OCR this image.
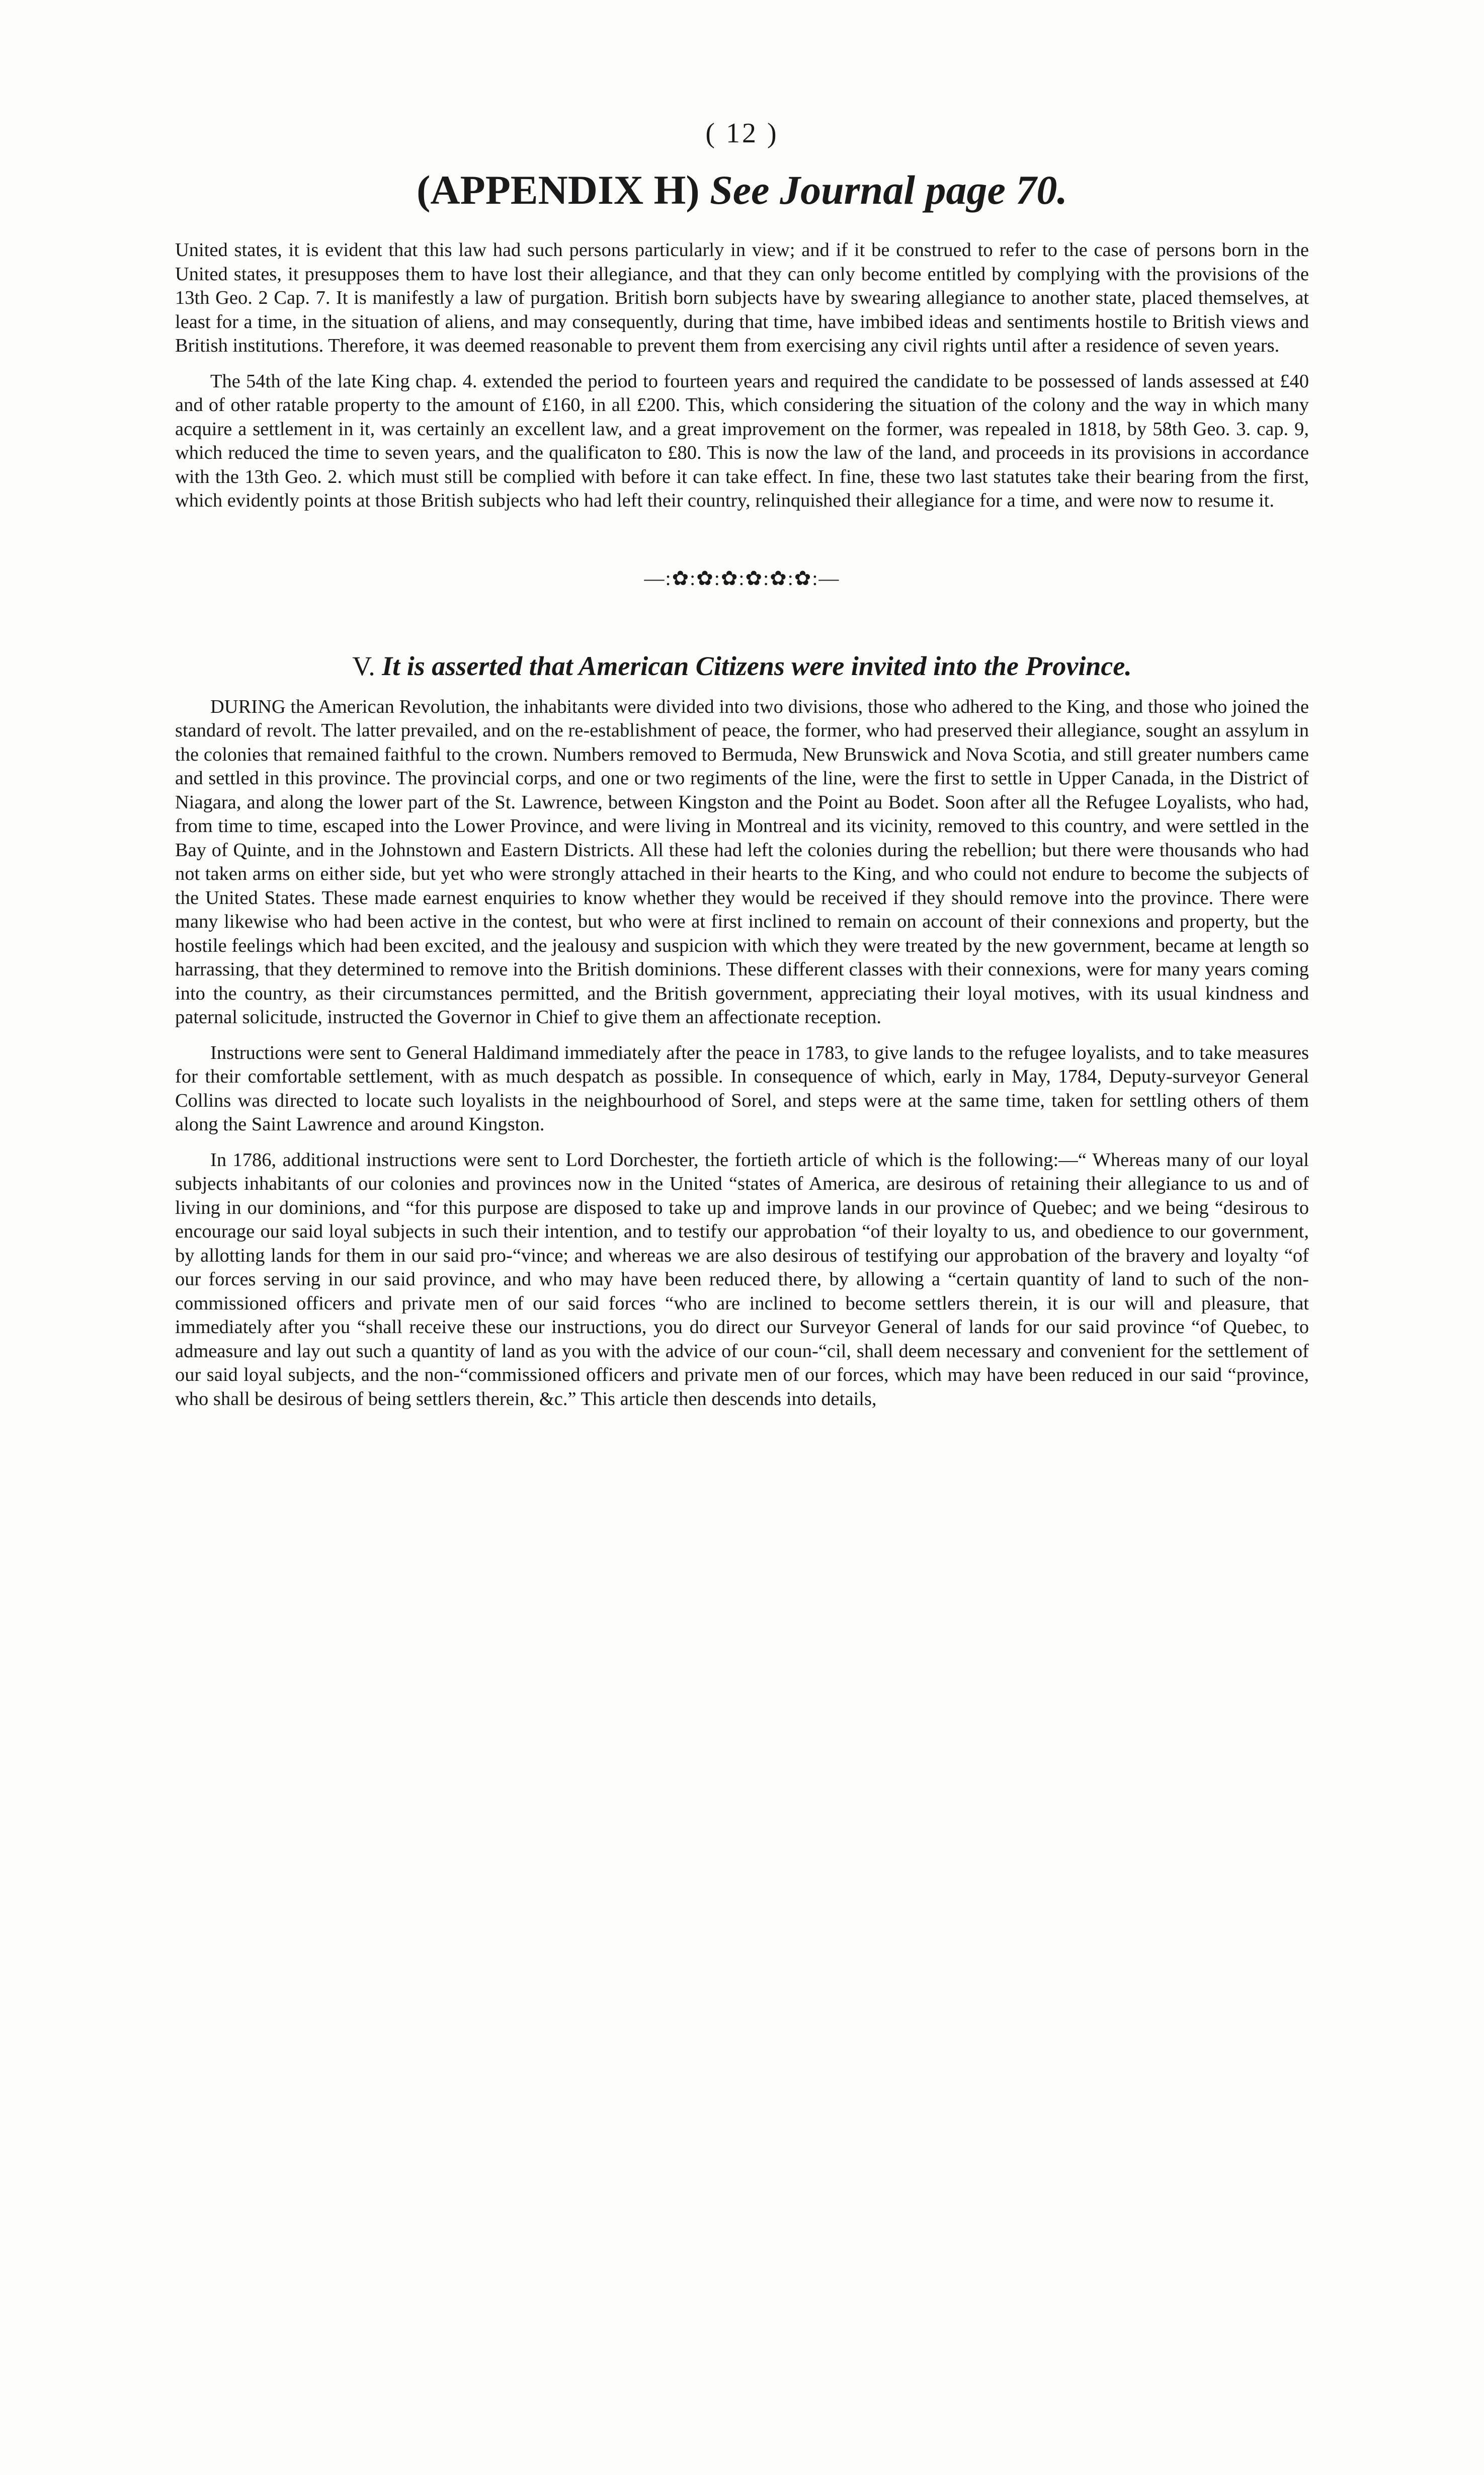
( 12 )
(APPENDIX H) See Journal page 70.

United states, it is evident that this law had such persons particularly in view; and if it be construed to refer to the case of persons born in the United states, it presupposes them to have lost their allegiance, and that they can only become entitled by complying with the provisions of the 13th Geo. 2 Cap. 7. It is manifestly a law of purgation. British born subjects have by swearing allegiance to another state, placed themselves, at least for a time, in the situation of aliens, and may consequently, during that time, have imbibed ideas and sentiments hostile to British views and British institutions. Therefore, it was deemed reasonable to prevent them from exercising any civil rights until after a residence of seven years.

The 54th of the late King chap. 4. extended the period to fourteen years and required the candidate to be possessed of lands assessed at £40 and of other ratable property to the amount of £160, in all £200. This, which considering the situation of the colony and the way in which many acquire a settlement in it, was certainly an excellent law, and a great improvement on the former, was repealed in 1818, by 58th Geo. 3. cap. 9, which reduced the time to seven years, and the qualificaton to £80. This is now the law of the land, and proceeds in its provisions in accordance with the 13th Geo. 2. which must still be complied with before it can take effect. In fine, these two last statutes take their bearing from the first, which evidently points at those British subjects who had left their country, relinquished their allegiance for a time, and were now to resume it.

—:✿:✿:✿:✿:✿:✿:—
V. It is asserted that American Citizens were invited into the Province.

DURING the American Revolution, the inhabitants were divided into two divisions, those who adhered to the King, and those who joined the standard of revolt. The latter prevailed, and on the re-establishment of peace, the former, who had preserved their allegiance, sought an assylum in the colonies that remained faithful to the crown. Numbers removed to Bermuda, New Brunswick and Nova Scotia, and still greater numbers came and settled in this province. The provincial corps, and one or two regiments of the line, were the first to settle in Upper Canada, in the District of Niagara, and along the lower part of the St. Lawrence, between Kingston and the Point au Bodet. Soon after all the Refugee Loyalists, who had, from time to time, escaped into the Lower Province, and were living in Montreal and its vicinity, removed to this country, and were settled in the Bay of Quinte, and in the Johnstown and Eastern Districts. All these had left the colonies during the rebellion; but there were thousands who had not taken arms on either side, but yet who were strongly attached in their hearts to the King, and who could not endure to become the subjects of the United States. These made earnest enquiries to know whether they would be received if they should remove into the province. There were many likewise who had been active in the contest, but who were at first inclined to remain on account of their connexions and property, but the hostile feelings which had been excited, and the jealousy and suspicion with which they were treated by the new government, became at length so harrassing, that they determined to remove into the British dominions. These different classes with their connexions, were for many years coming into the country, as their circumstances permitted, and the British government, appreciating their loyal motives, with its usual kindness and paternal solicitude, instructed the Governor in Chief to give them an affectionate reception.

Instructions were sent to General Haldimand immediately after the peace in 1783, to give lands to the refugee loyalists, and to take measures for their comfortable settlement, with as much despatch as possible. In consequence of which, early in May, 1784, Deputy-surveyor General Collins was directed to locate such loyalists in the neighbourhood of Sorel, and steps were at the same time, taken for settling others of them along the Saint Lawrence and around Kingston.

In 1786, additional instructions were sent to Lord Dorchester, the fortieth article of which is the following:—“ Whereas many of our loyal subjects inhabitants of our colonies and provinces now in the United “states of America, are desirous of retaining their allegiance to us and of living in our dominions, and “for this purpose are disposed to take up and improve lands in our province of Quebec; and we being “desirous to encourage our said loyal subjects in such their intention, and to testify our approbation “of their loyalty to us, and obedience to our government, by allotting lands for them in our said pro-“vince; and whereas we are also desirous of testifying our approbation of the bravery and loyalty “of our forces serving in our said province, and who may have been reduced there, by allowing a “certain quantity of land to such of the non-commissioned officers and private men of our said forces “who are inclined to become settlers therein, it is our will and pleasure, that immediately after you “shall receive these our instructions, you do direct our Surveyor General of lands for our said province “of Quebec, to admeasure and lay out such a quantity of land as you with the advice of our coun-“cil, shall deem necessary and convenient for the settlement of our said loyal subjects, and the non-“commissioned officers and private men of our forces, which may have been reduced in our said “province, who shall be desirous of being settlers therein, &c.” This article then descends into details,
